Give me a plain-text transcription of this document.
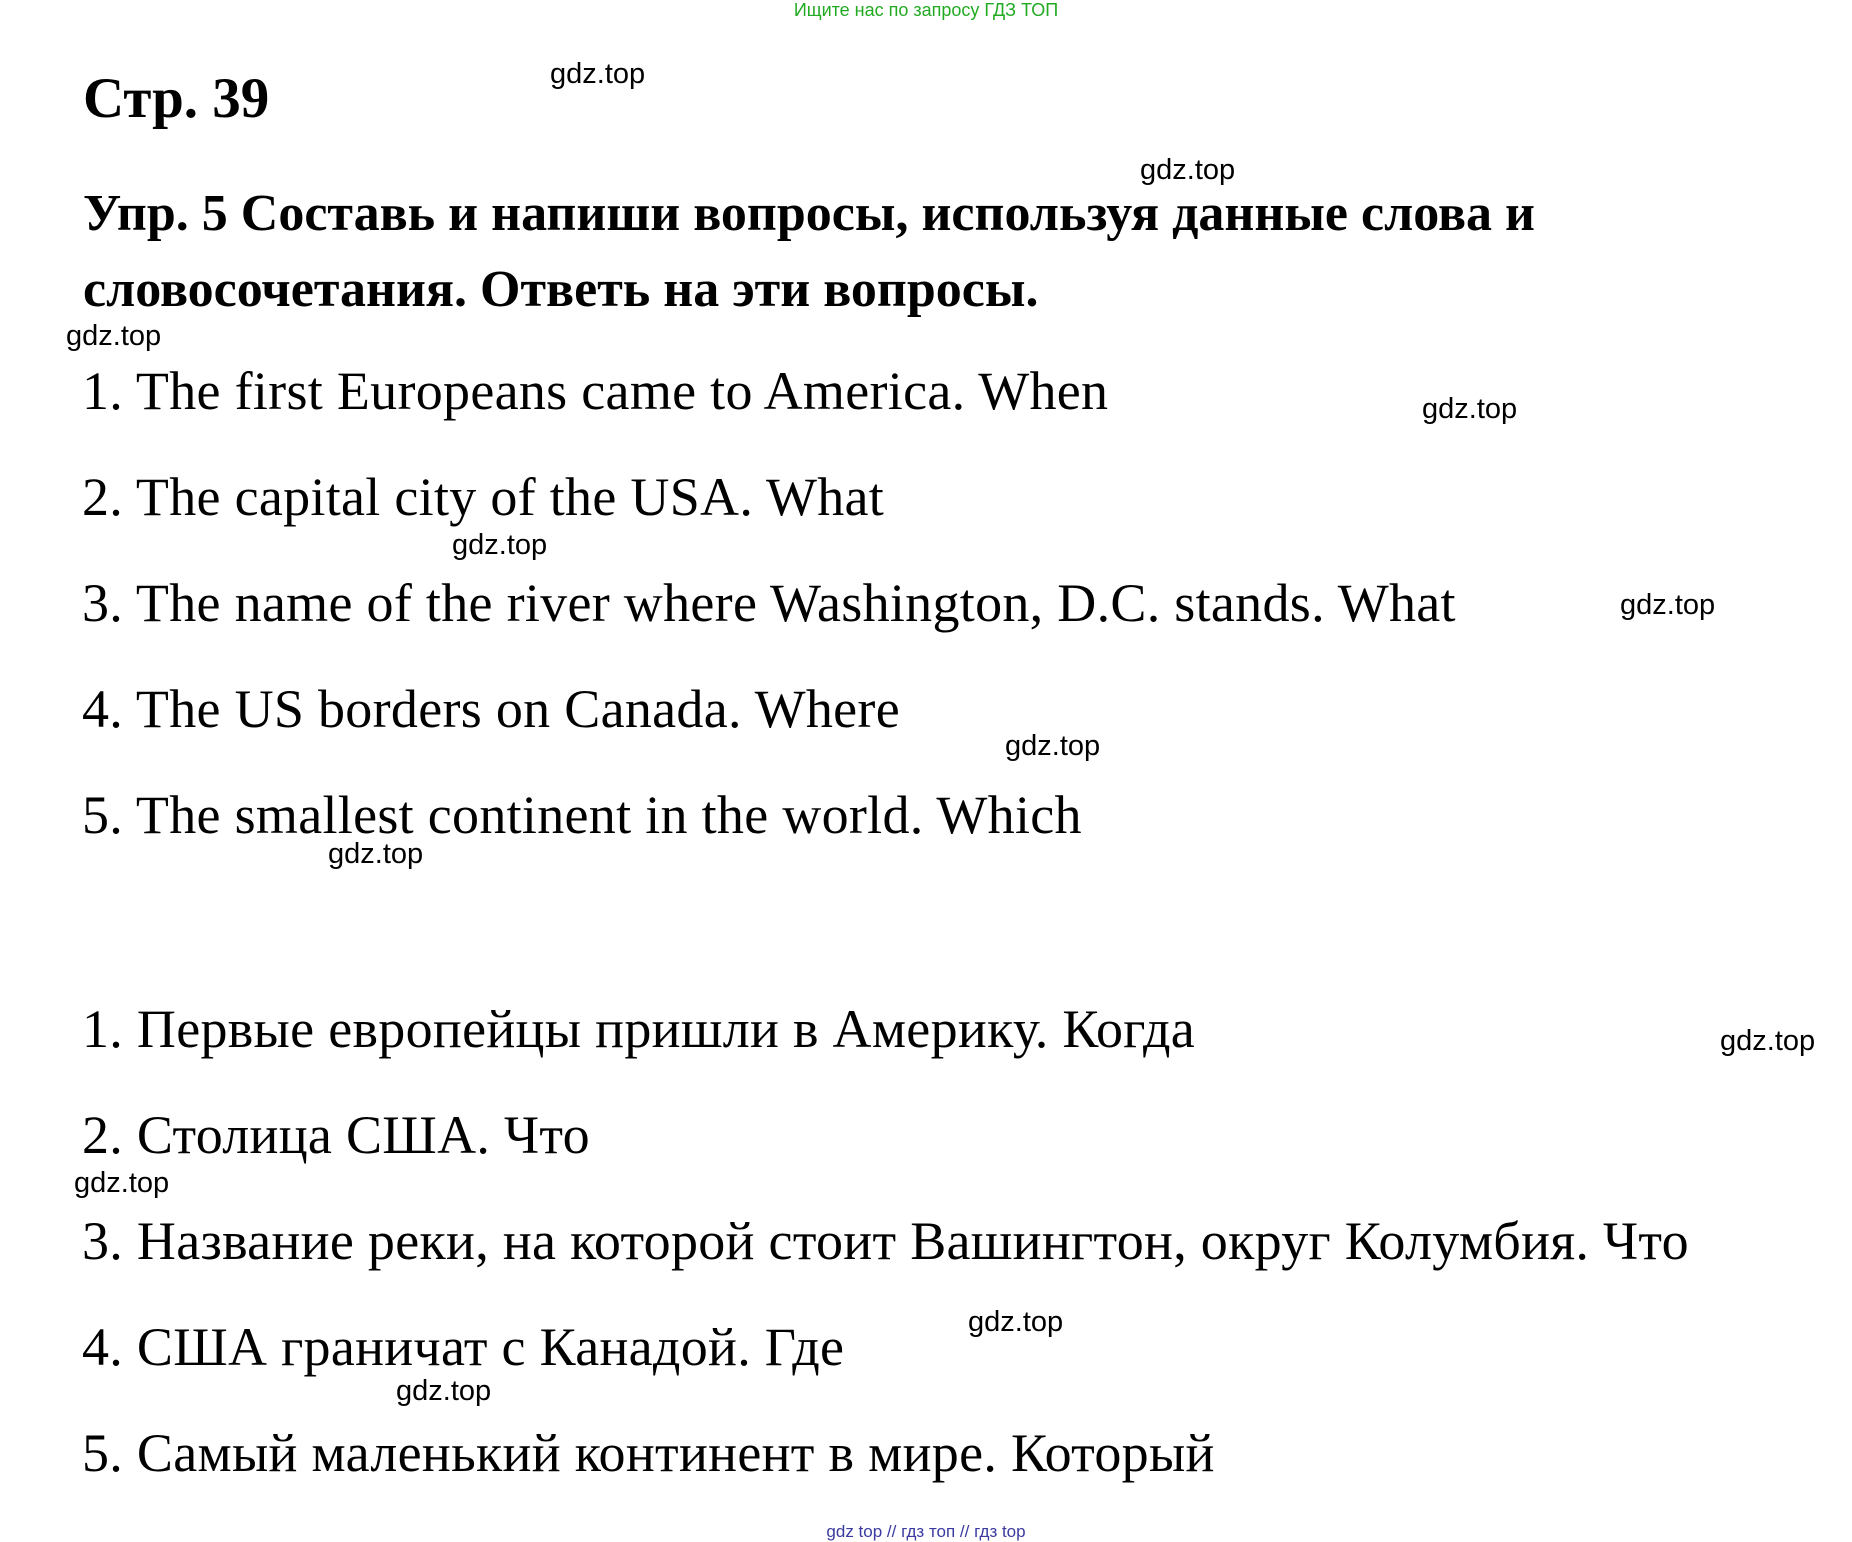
Ищите нас по запросу ГДЗ ТОП
Стр. 39
Упр. 5 Составь и напиши вопросы, используя данные слова и словосочетания. Ответь на эти вопросы.
1. The first Europeans came to America. When
2. The capital city of the USA. What
3. The name of the river where Washington, D.C. stands. What
4. The US borders on Canada. Where
5. The smallest continent in the world. Which
1. Первые европейцы пришли в Америку. Когда
2. Столица США. Что
3. Название реки, на которой стоит Вашингтон, округ Колумбия. Что
4. США граничат с Канадой. Где
5. Самый маленький континент в мире. Который
gdz.top
gdz.top
gdz.top
gdz.top
gdz.top
gdz.top
gdz.top
gdz.top
gdz.top
gdz.top
gdz.top
gdz.top
gdz top // гдз топ // гдз top
